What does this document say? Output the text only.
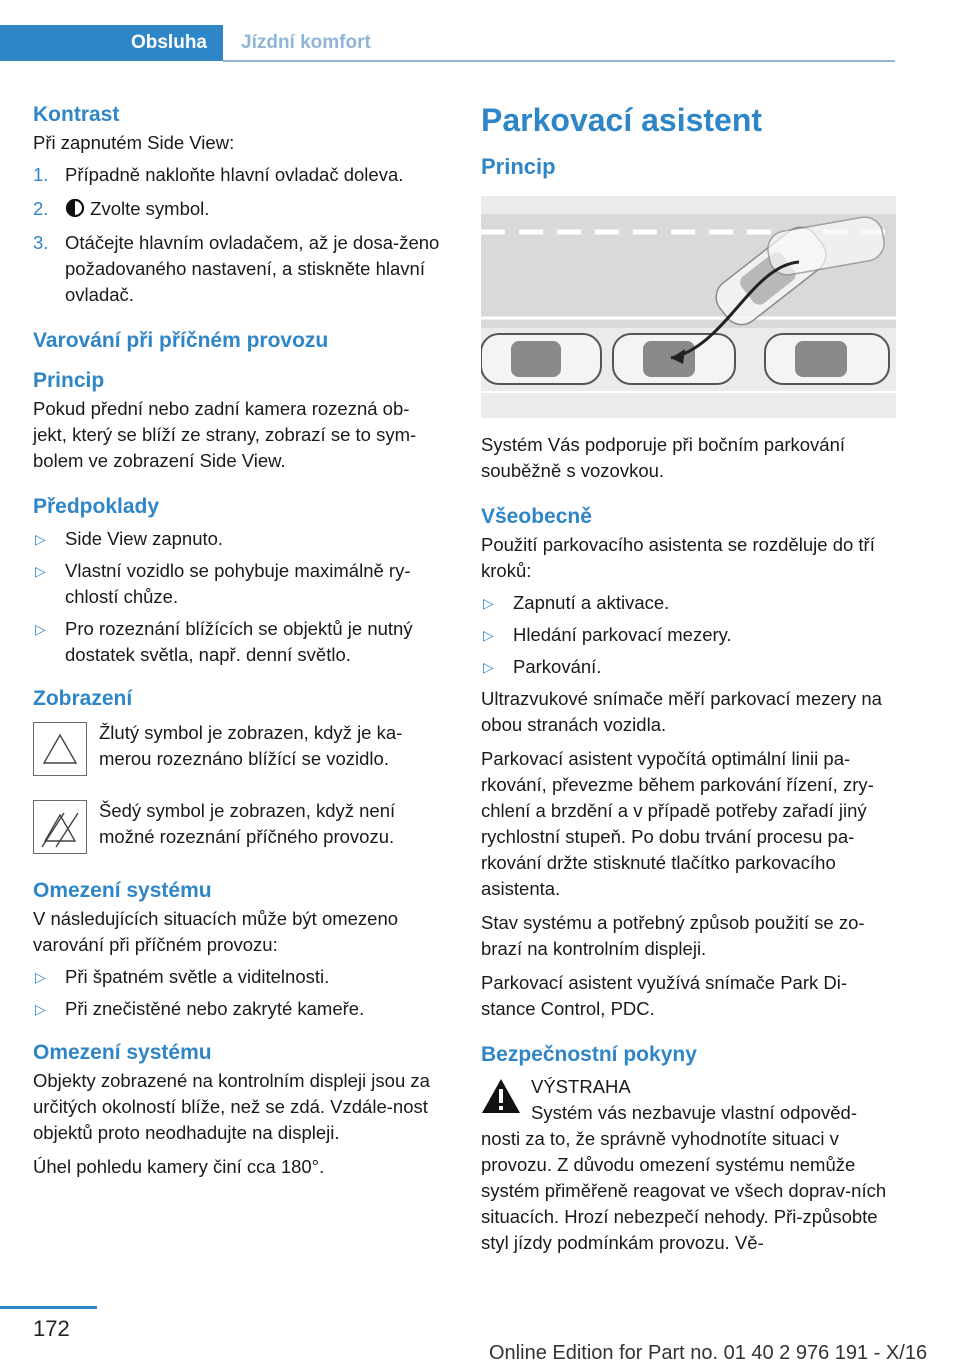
Obsluha	Jízdní komfort
Kontrast

Při zapnutém Side View:

1. Případně nakloňte hlavní ovladač doleva.
2. Zvolte symbol.
3. Otáčejte hlavním ovladačem, až je dosa‐ženo požadovaného nastavení, a stiskněte hlavní ovladač.
Varování při příčném provozu
Princip

Pokud přední nebo zadní kamera rozezná ob‐jekt, který se blíží ze strany, zobrazí se to sym‐bolem ve zobrazení Side View.

Předpoklady
▷ Side View zapnuto.
▷ Vlastní vozidlo se pohybuje maximálně ry‐chlostí chůze.
▷ Pro rozeznání blížících se objektů je nutný dostatek světla, např. denní světlo.
Zobrazení

Žlutý symbol je zobrazen, když je ka‐merou rozeznáno blížící se vozidlo.

Šedý symbol je zobrazen, když není možné rozeznání příčného provozu.

Omezení systému

V následujících situacích může být omezeno varování při příčném provozu:

▷ Při špatném světle a viditelnosti.
▷ Při znečistěné nebo zakryté kameře.
Omezení systému

Objekty zobrazené na kontrolním displeji jsou za určitých okolností blíže, než se zdá. Vzdále‐nost objektů proto neodhadujte na displeji.

Úhel pohledu kamery činí cca 180°.

Parkovací asistent
Princip

Systém Vás podporuje při bočním parkování souběžně s vozovkou.

Všeobecně

Použití parkovacího asistenta se rozděluje do tří kroků:

▷ Zapnutí a aktivace.
▷ Hledání parkovací mezery.
▷ Parkování.

Ultrazvukové snímače měří parkovací mezery na obou stranách vozidla.

Parkovací asistent vypočítá optimální linii pa‐rkování, převezme během parkování řízení, zry‐chlení a brzdění a v případě potřeby zařadí jiný rychlostní stupeň. Po dobu trvání procesu pa‐rkování držte stisknuté tlačítko parkovacího asistenta.

Stav systému a potřebný způsob použití se zo‐brazí na kontrolním displeji.

Parkovací asistent využívá snímače Park Di‐stance Control, PDC.

Bezpečnostní pokyny

VÝSTRAHA

Systém vás nezbavuje vlastní odpověd‐nosti za to, že správně vyhodnotíte situaci v provozu. Z důvodu omezení systému nemůže systém přiměřeně reagovat ve všech doprav‐ních situacích. Hrozí nebezpečí nehody. Při‐způsobte styl jízdy podmínkám provozu. Vě‐

172
Online Edition for Part no. 01 40 2 976 191 - X/16
